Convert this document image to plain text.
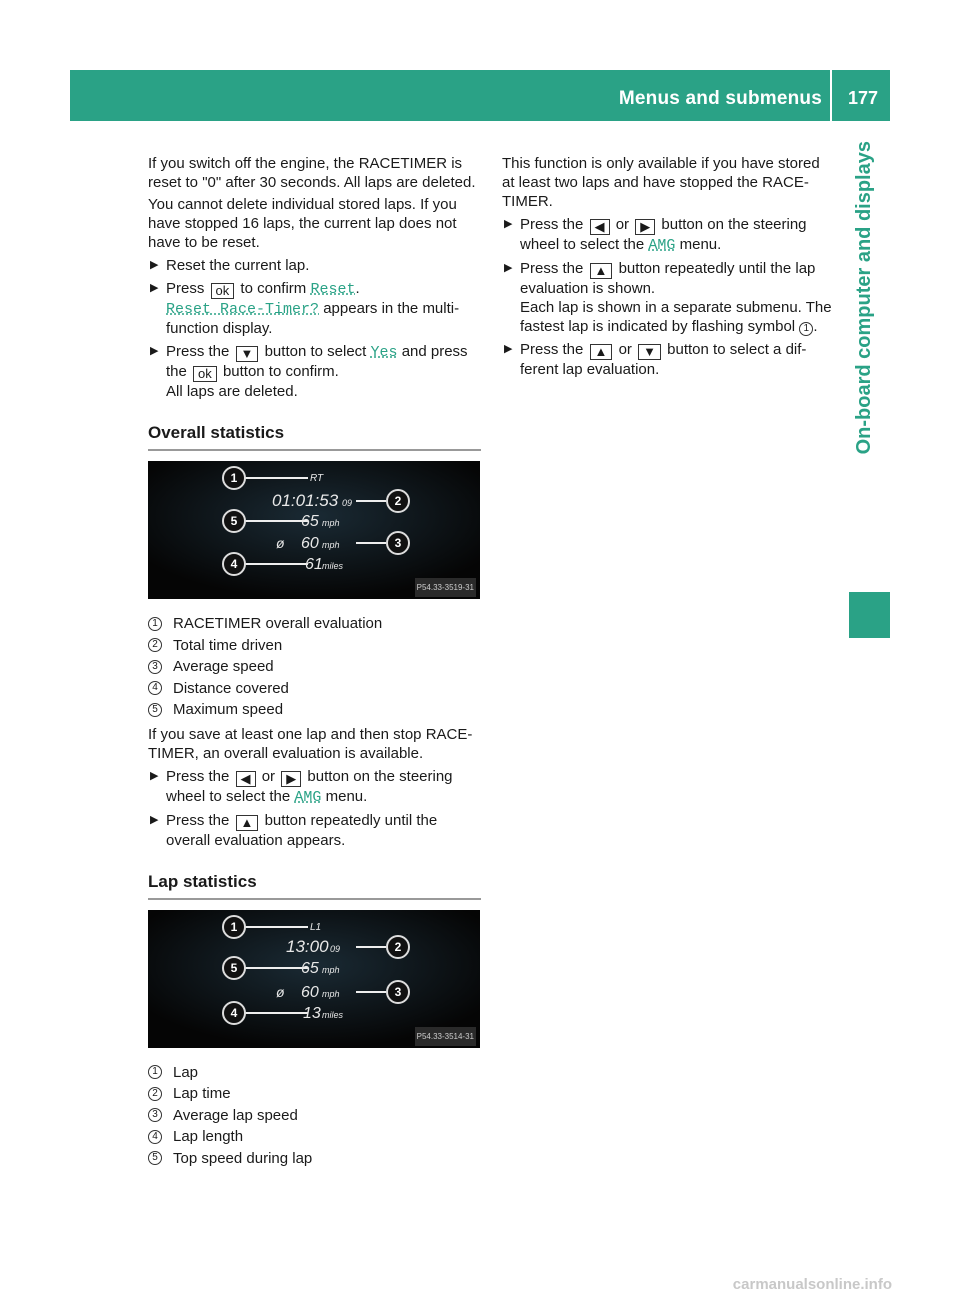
Menus and submenus 177
On-board computer and displays

If you switch off the engine, the RACETIMER is reset to "0" after 30 seconds. All laps are deleted.

You cannot delete individual stored laps. If you have stopped 16 laps, the current lap does not have to be reset.

▶ Reset the current lap.
▶ Press ok to confirm Reset.
Reset Race-Timer? appears in the multi-function display.
▶ Press the ▼ button to select Yes and press the ok button to confirm.
All laps are deleted.
Overall statistics
1
2
5
3
4
RT
01:01:53 09
65 mph
ø 60 mph
61 miles
P54.33-3519-31
1 RACETIMER overall evaluation
2 Total time driven
3 Average speed
4 Distance covered
5 Maximum speed

If you save at least one lap and then stop RACE-TIMER, an overall evaluation is available.

▶ Press the ◀ or ▶ button on the steering wheel to select the AMG menu.
▶ Press the ▲ button repeatedly until the overall evaluation appears.
Lap statistics
1
2
5
3
4
L1
13:00 09
65 mph
ø 60 mph
13 miles
P54.33-3514-31
1 Lap
2 Lap time
3 Average lap speed
4 Lap length
5 Top speed during lap

This function is only available if you have stored at least two laps and have stopped the RACE-TIMER.

▶ Press the ◀ or ▶ button on the steering wheel to select the AMG menu.
▶ Press the ▲ button repeatedly until the lap evaluation is shown.
Each lap is shown in a separate submenu. The fastest lap is indicated by flashing symbol 1 .
▶ Press the ▲ or ▼ button to select a dif-ferent lap evaluation.
carmanualsonline.info
